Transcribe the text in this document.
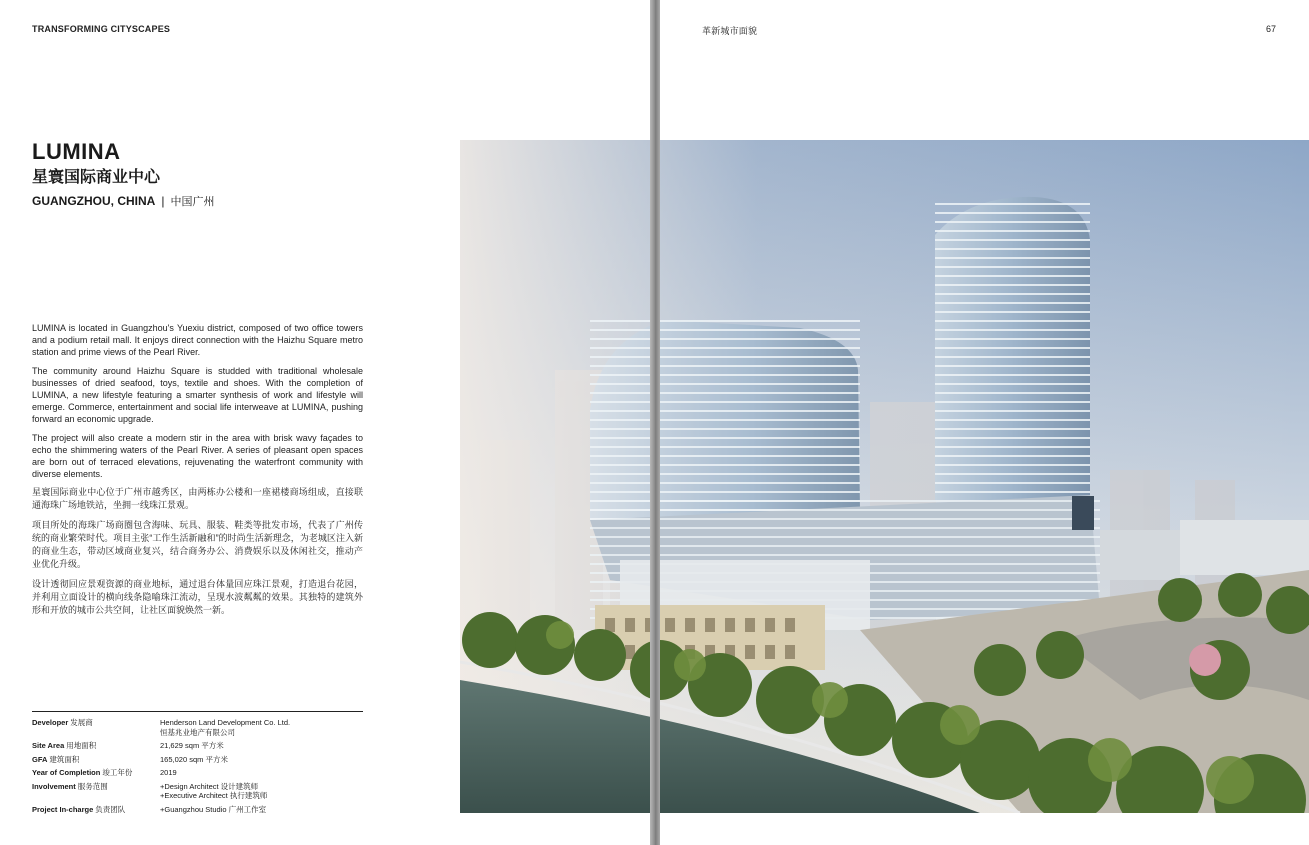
TRANSFORMING CITYSCAPES
LUMINA
星寰国际商业中心
GUANGZHOU, CHINA | 中国广州

LUMINA is located in Guangzhou's Yuexiu district, composed of two office towers and a podium retail mall. It enjoys direct connection with the Haizhu Square metro station and prime views of the Pearl River.

The community around Haizhu Square is studded with traditional wholesale businesses of dried seafood, toys, textile and shoes. With the completion of LUMINA, a new lifestyle featuring a smarter synthesis of work and lifestyle will emerge. Commerce, entertainment and social life interweave at LUMINA, pushing forward an economic upgrade.

The project will also create a modern stir in the area with brisk wavy façades to echo the shimmering waters of the Pearl River. A series of pleasant open spaces are born out of terraced elevations, rejuvenating the waterfront community with diverse elements.

星寰国际商业中心位于广州市越秀区，由两栋办公楼和一座裙楼商场组成，直接联通海珠广场地铁站，坐拥一线珠江景观。

项目所处的海珠广场商圈包含海味、玩具、服装、鞋类等批发市场，代表了广州传统的商业繁荣时代。项目主张“工作生活新融和”的时尚生活新理念，为老城区注入新的商业生态，带动区域商业复兴，结合商务办公、消费娱乐以及休闲社交，推动产业优化升级。

设计透彻回应景观资源的商业地标，通过退台体量回应珠江景观，打造退台花园，并利用立面设计的横向线条隐喻珠江流动，呈现水波粼粼的效果。其独特的建筑外形和开放的城市公共空间，让社区面貌焕然一新。

Developer 发展商	Henderson Land Development Co. Ltd.
恒基兆业地产有限公司
Site Area 用地面积	21,629 sqm 平方米
GFA 建筑面积	165,020 sqm 平方米
Year of Completion 竣工年份	2019
Involvement 服务范围	+Design Architect 设计建筑师
+Executive Architect 执行建筑师
Project In-charge 负责团队	+Guangzhou Studio 广州工作室
革新城市面貌	67
